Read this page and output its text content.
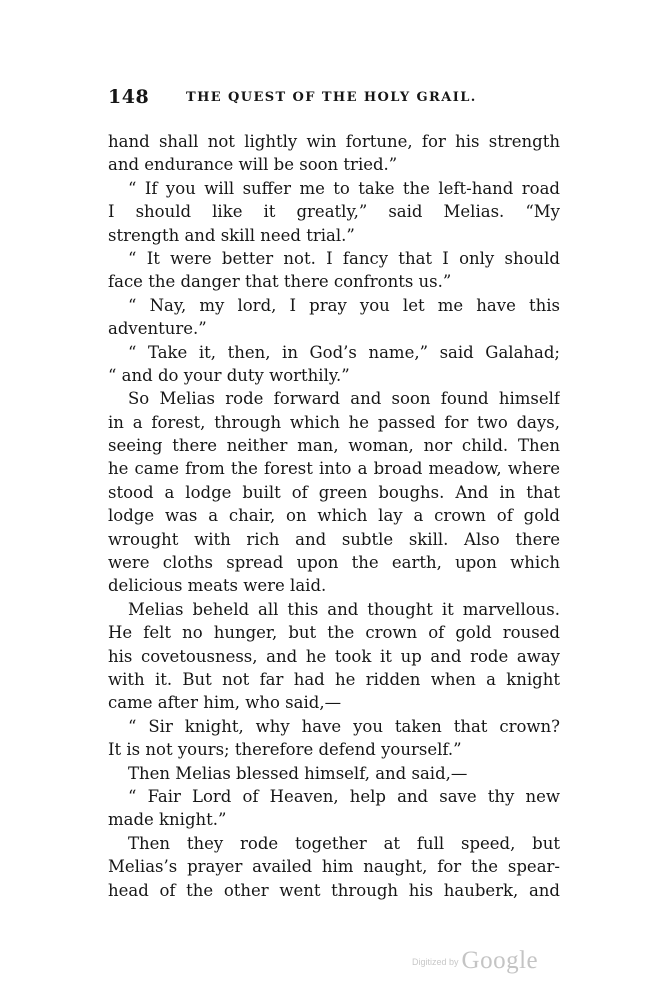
148	THE QUEST OF THE HOLY GRAIL.
hand shall not lightly win fortune, for his strength
and endurance will be soon tried.”
“ If you will suffer me to take the left-hand road
I should like it greatly,” said Melias. “My
strength and skill need trial.”
“ It were better not. I fancy that I only should
face the danger that there confronts us.”
“ Nay, my lord, I pray you let me have this
adventure.”
“ Take it, then, in God’s name,” said Galahad;
“ and do your duty worthily.”
So Melias rode forward and soon found himself
in a forest, through which he passed for two days,
seeing there neither man, woman, nor child. Then
he came from the forest into a broad meadow, where
stood a lodge built of green boughs. And in that
lodge was a chair, on which lay a crown of gold
wrought with rich and subtle skill. Also there
were cloths spread upon the earth, upon which
delicious meats were laid.
Melias beheld all this and thought it marvellous.
He felt no hunger, but the crown of gold roused
his covetousness, and he took it up and rode away
with it. But not far had he ridden when a knight
came after him, who said,—
“ Sir knight, why have you taken that crown?
It is not yours; therefore defend yourself.”
Then Melias blessed himself, and said,—
“ Fair Lord of Heaven, help and save thy new
made knight.”
Then they rode together at full speed, but
Melias’s prayer availed him naught, for the spear-
head of the other went through his hauberk, and
Digitized by Google
